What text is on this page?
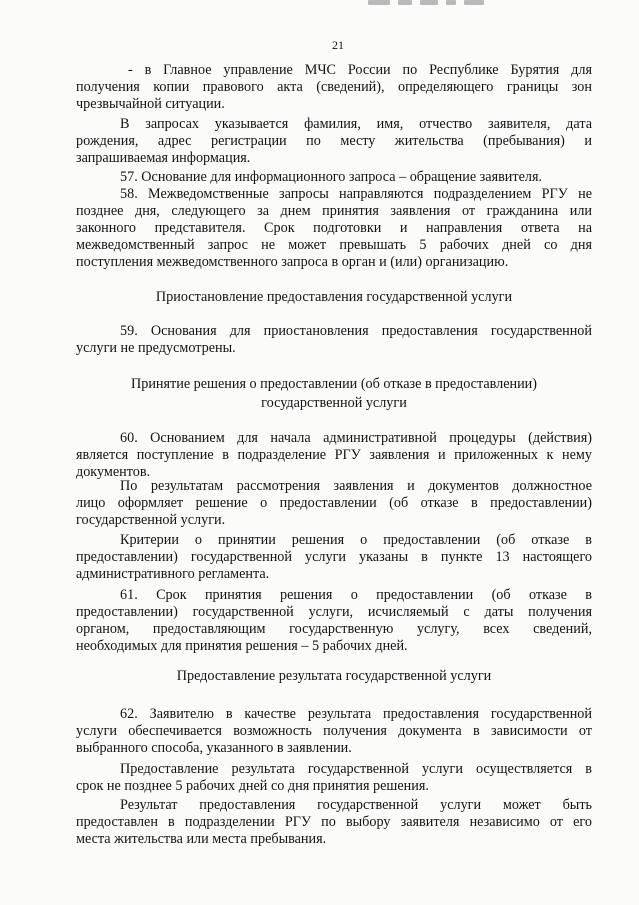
21
- в Главное управление МЧС России по Республике Бурятия для
получения копии правового акта (сведений), определяющего границы зон
чрезвычайной ситуации.
В запросах указывается фамилия, имя, отчество заявителя, дата
рождения, адрес регистрации по месту жительства (пребывания) и
запрашиваемая информация.
57. Основание для информационного запроса – обращение заявителя.
58. Межведомственные запросы направляются подразделением РГУ не
позднее дня, следующего за днем принятия заявления от гражданина или
законного представителя. Срок подготовки и направления ответа на
межведомственный запрос не может превышать 5 рабочих дней со дня
поступления межведомственного запроса в орган и (или) организацию.
Приостановление предоставления государственной услуги
59. Основания для приостановления предоставления государственной
услуги не предусмотрены.
Принятие решения о предоставлении (об отказе в предоставлении)
государственной услуги
60. Основанием для начала административной процедуры (действия)
является поступление в подразделение РГУ заявления и приложенных к нему
документов.
По результатам рассмотрения заявления и документов должностное
лицо оформляет решение о предоставлении (об отказе в предоставлении)
государственной услуги.
Критерии о принятии решения о предоставлении (об отказе в
предоставлении) государственной услуги указаны в пункте 13 настоящего
административного регламента.
61. Срок принятия решения о предоставлении (об отказе в
предоставлении) государственной услуги, исчисляемый с даты получения
органом, предоставляющим государственную услугу, всех сведений,
необходимых для принятия решения – 5 рабочих дней.
Предоставление результата государственной услуги
62. Заявителю в качестве результата предоставления государственной
услуги обеспечивается возможность получения документа в зависимости от
выбранного способа, указанного в заявлении.
Предоставление результата государственной услуги осуществляется в
срок не позднее 5 рабочих дней со дня принятия решения.
Результат предоставления государственной услуги может быть
предоставлен в подразделении РГУ по выбору заявителя независимо от его
места жительства или места пребывания.
